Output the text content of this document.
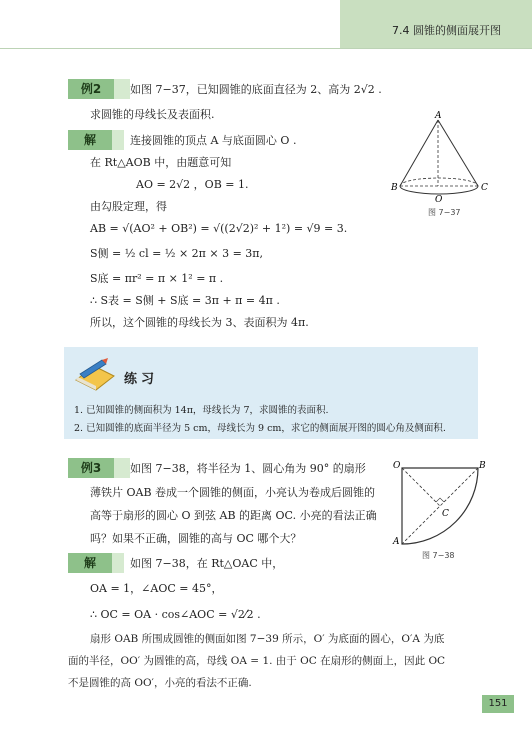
7.4 圆锥的侧面展开图
例2	如图 7−37，已知圆锥的底面直径为 2、高为 2√2 .
求圆锥的母线长及表面积.
解	连接圆锥的顶点 A 与底面圆心 O .
在 Rt△AOB 中，由题意可知
AO = 2√2 ，OB = 1.
由勾股定理，得
AB = √(AO² + OB²) = √((2√2)² + 1²) = √9 = 3.
S侧 = ½ cl = ½ × 2π × 3 = 3π,
S底 = πr² = π × 1² = π .
∴ S表 = S侧 + S底 = 3π + π = 4π .
所以，这个圆锥的母线长为 3、表面积为 4π.
A
B	C
O
图 7−37
练习
1. 已知圆锥的侧面积为 14π，母线长为 7，求圆锥的表面积.
2. 已知圆锥的底面半径为 5 cm，母线长为 9 cm，求它的侧面展开图的圆心角及侧面积.
例3	如图 7−38，将半径为 1、圆心角为 90° 的扇形
薄铁片 OAB 卷成一个圆锥的侧面，小亮认为卷成后圆锥的
高等于扇形的圆心 O 到弦 AB 的距离 OC. 小亮的看法正确
吗？如果不正确，圆锥的高与 OC 哪个大？
解	如图 7−38，在 Rt△OAC 中，
OA = 1，∠AOC = 45°，
∴ OC = OA · cos∠AOC = √2⁄2 .
扇形 OAB 所围成圆锥的侧面如图 7−39 所示，O′ 为底面的圆心，O′A 为底
面的半径，OO′ 为圆锥的高，母线 OA = 1. 由于 OC 在扇形的侧面上，因此 OC
不是圆锥的高 OO′，小亮的看法不正确.
O	B
C
A
图 7−38
151
